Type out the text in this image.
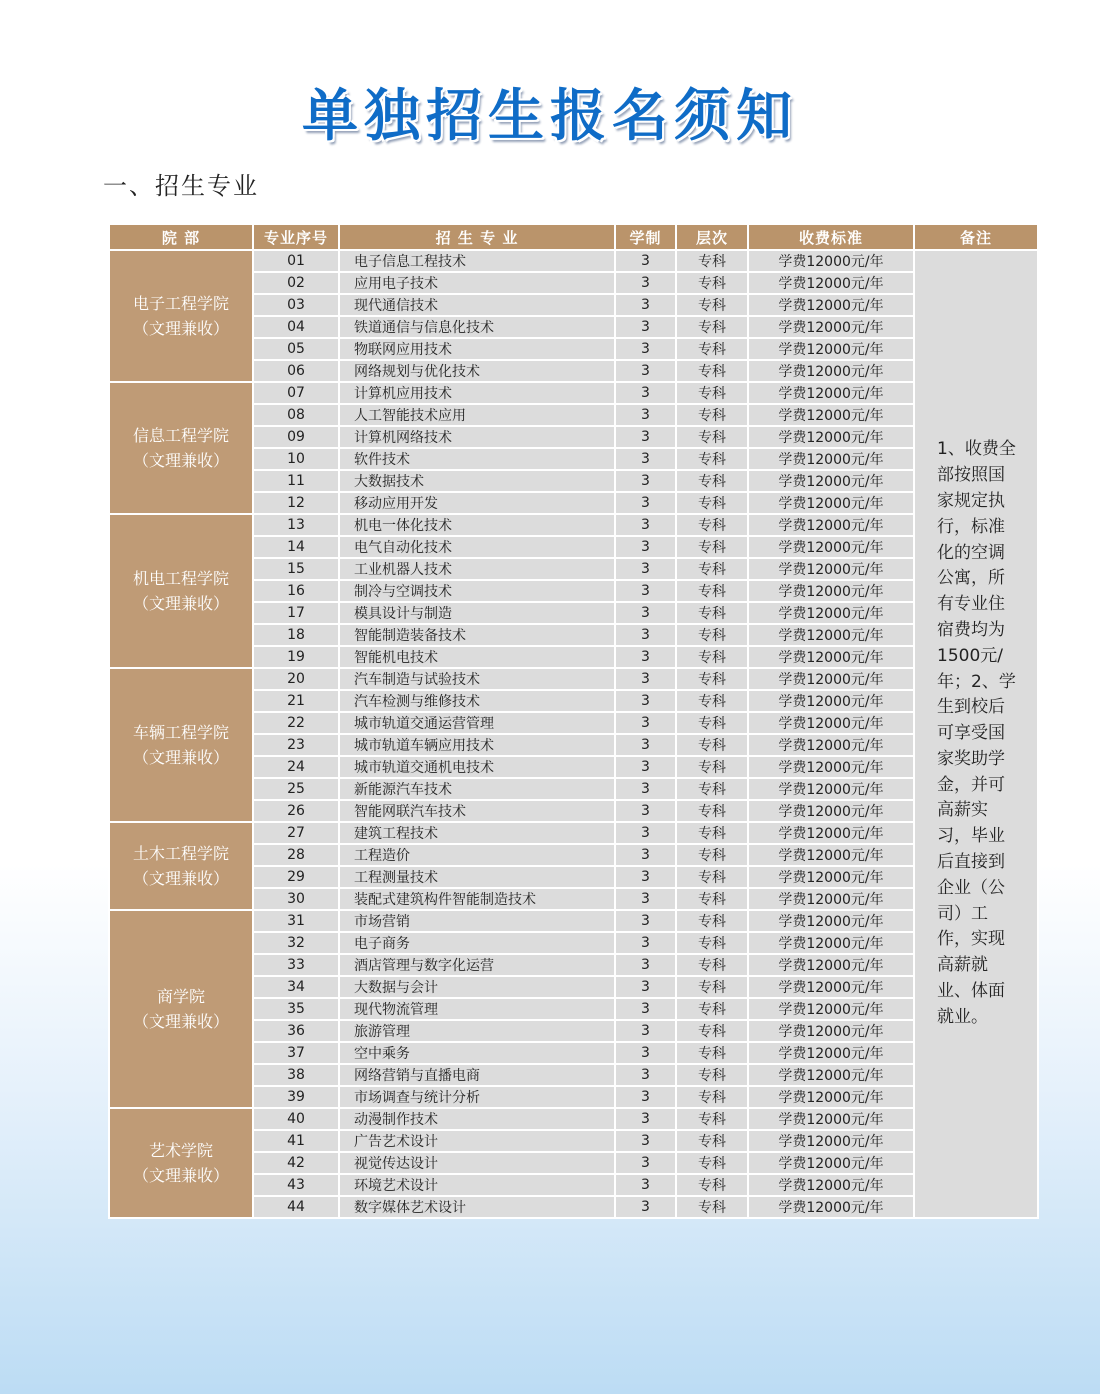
单独招生报名须知
一、招生专业
院 部	专业序号	招 生 专 业	学制	层次	收费标准	备注

电子工程学院
（文理兼收）	01	电子信息工程技术	3	专科	学费12000元/年	1、收费全部按照国家规定执行，标准化的空调公寓，所有专业住宿费均为1500元/年；2、学生到校后可享受国家奖助学金，并可高薪实习，毕业后直接到企业（公司）工作，实现高薪就业、体面就业。

	02	应用电子技术	3	专科	学费12000元/年	
	03	现代通信技术	3	专科	学费12000元/年	
	04	铁道通信与信息化技术	3	专科	学费12000元/年	
	05	物联网应用技术	3	专科	学费12000元/年	
	06	网络规划与优化技术	3	专科	学费12000元/年	

信息工程学院
（文理兼收）	07	计算机应用技术	3	专科	学费12000元/年	
	08	人工智能技术应用	3	专科	学费12000元/年	
	09	计算机网络技术	3	专科	学费12000元/年	
	10	软件技术	3	专科	学费12000元/年	
	11	大数据技术	3	专科	学费12000元/年	
	12	移动应用开发	3	专科	学费12000元/年	

机电工程学院
（文理兼收）	13	机电一体化技术	3	专科	学费12000元/年	
	14	电气自动化技术	3	专科	学费12000元/年	
	15	工业机器人技术	3	专科	学费12000元/年	
	16	制冷与空调技术	3	专科	学费12000元/年	
	17	模具设计与制造	3	专科	学费12000元/年	
	18	智能制造装备技术	3	专科	学费12000元/年	
	19	智能机电技术	3	专科	学费12000元/年	

车辆工程学院
（文理兼收）	20	汽车制造与试验技术	3	专科	学费12000元/年	
	21	汽车检测与维修技术	3	专科	学费12000元/年	
	22	城市轨道交通运营管理	3	专科	学费12000元/年	
	23	城市轨道车辆应用技术	3	专科	学费12000元/年	
	24	城市轨道交通机电技术	3	专科	学费12000元/年	
	25	新能源汽车技术	3	专科	学费12000元/年	
	26	智能网联汽车技术	3	专科	学费12000元/年	

土木工程学院
（文理兼收）	27	建筑工程技术	3	专科	学费12000元/年	
	28	工程造价	3	专科	学费12000元/年	
	29	工程测量技术	3	专科	学费12000元/年	
	30	装配式建筑构件智能制造技术	3	专科	学费12000元/年	

商学院
（文理兼收）	31	市场营销	3	专科	学费12000元/年	
	32	电子商务	3	专科	学费12000元/年	
	33	酒店管理与数字化运营	3	专科	学费12000元/年	
	34	大数据与会计	3	专科	学费12000元/年	
	35	现代物流管理	3	专科	学费12000元/年	
	36	旅游管理	3	专科	学费12000元/年	
	37	空中乘务	3	专科	学费12000元/年	
	38	网络营销与直播电商	3	专科	学费12000元/年	
	39	市场调查与统计分析	3	专科	学费12000元/年	

艺术学院
（文理兼收）	40	动漫制作技术	3	专科	学费12000元/年	
	41	广告艺术设计	3	专科	学费12000元/年	
	42	视觉传达设计	3	专科	学费12000元/年	
	43	环境艺术设计	3	专科	学费12000元/年	
	44	数字媒体艺术设计	3	专科	学费12000元/年	
